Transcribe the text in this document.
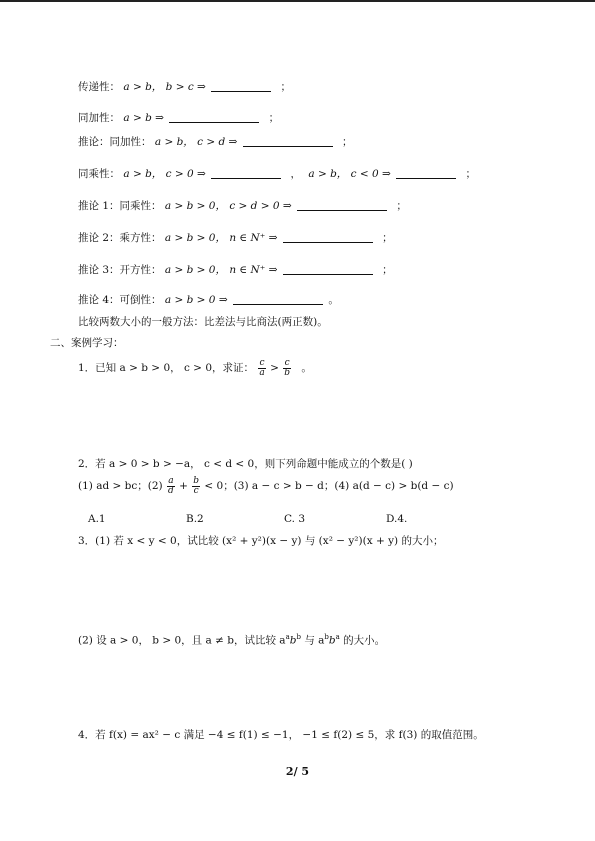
传递性： a > b， b > c ⇒	；
同加性： a > b ⇒	；
推论：同加性： a > b， c > d ⇒	；
同乘性： a > b， c > 0 ⇒	， a > b， c < 0 ⇒	；
推论 1：同乘性： a > b > 0， c > d > 0 ⇒	；
推论 2：乘方性： a > b > 0， n ∈ N⁺ ⇒	；
推论 3：开方性： a > b > 0， n ∈ N⁺ ⇒	；
推论 4：可倒性： a > b > 0 ⇒	。
比较两数大小的一般方法：比差法与比商法(两正数)。
二、案例学习：
1．已知 a > b > 0， c > 0，求证： $\frac{c}{a} > \frac{c}{b}$ 。
2．若 a > 0 > b > −a， c < d < 0，则下列命题中能成立的个数是( )
(1) ad > bc；$(2) \frac{a}{d} + \frac{b}{c} < 0$；(3) a − c > b − d；(4) a(d − c) > b(d − c)
A.1	B.2	C. 3	D.4.
3．(1) 若 x < y < 0，试比较 (x² + y²)(x − y) 与 (x² − y²)(x + y) 的大小；
(2) 设 a > 0， b > 0，且 a ≠ b，试比较 $a^ab^b$ 与 $a^bb^a$ 的大小。
4．若 f(x) = ax² − c 满足 −4 ≤ f(1) ≤ −1， −1 ≤ f(2) ≤ 5，求 f(3) 的取值范围。
2/ 5
